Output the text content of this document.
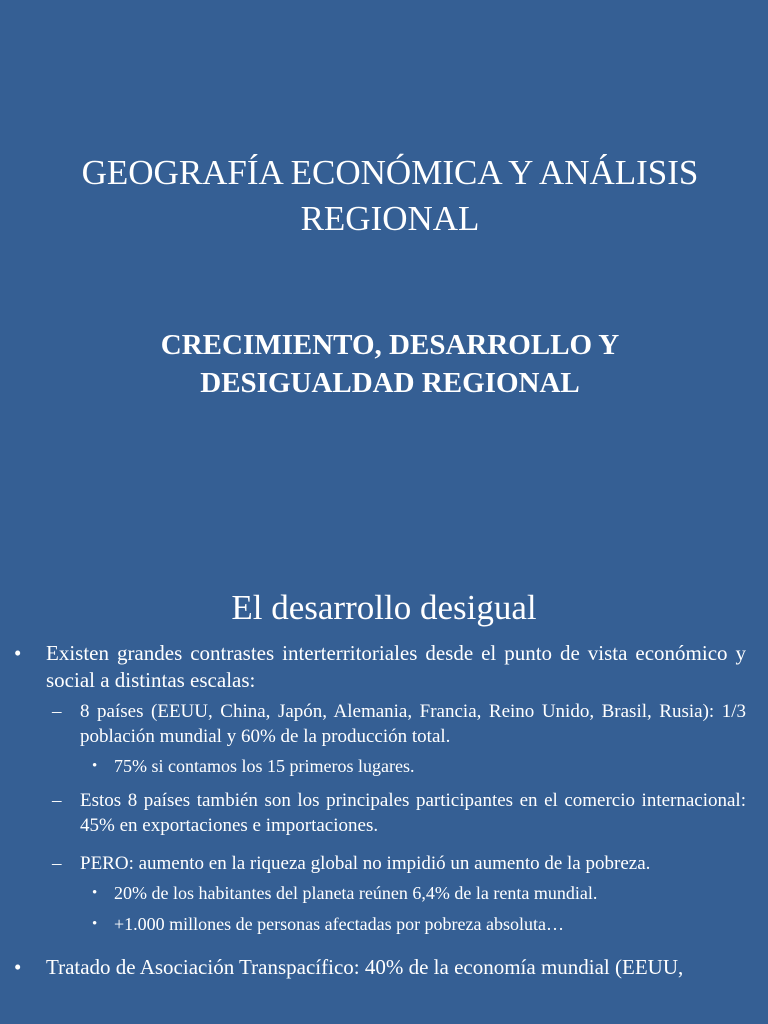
GEOGRAFÍA ECONÓMICA Y ANÁLISIS REGIONAL
CRECIMIENTO, DESARROLLO Y DESIGUALDAD REGIONAL
El desarrollo desigual
• Existen grandes contrastes interterritoriales desde el punto de vista económico y social a distintas escalas:
– 8 países (EEUU, China, Japón, Alemania, Francia, Reino Unido, Brasil, Rusia): 1/3 población mundial y 60% de la producción total.
• 75% si contamos los 15 primeros lugares.
– Estos 8 países también son los principales participantes en el comercio internacional: 45% en exportaciones e importaciones.
– PERO: aumento en la riqueza global no impidió un aumento de la pobreza.
• 20% de los habitantes del planeta reúnen 6,4% de la renta mundial.
• +1.000 millones de personas afectadas por pobreza absoluta…
• Tratado de Asociación Transpacífico: 40% de la economía mundial (EEUU,
